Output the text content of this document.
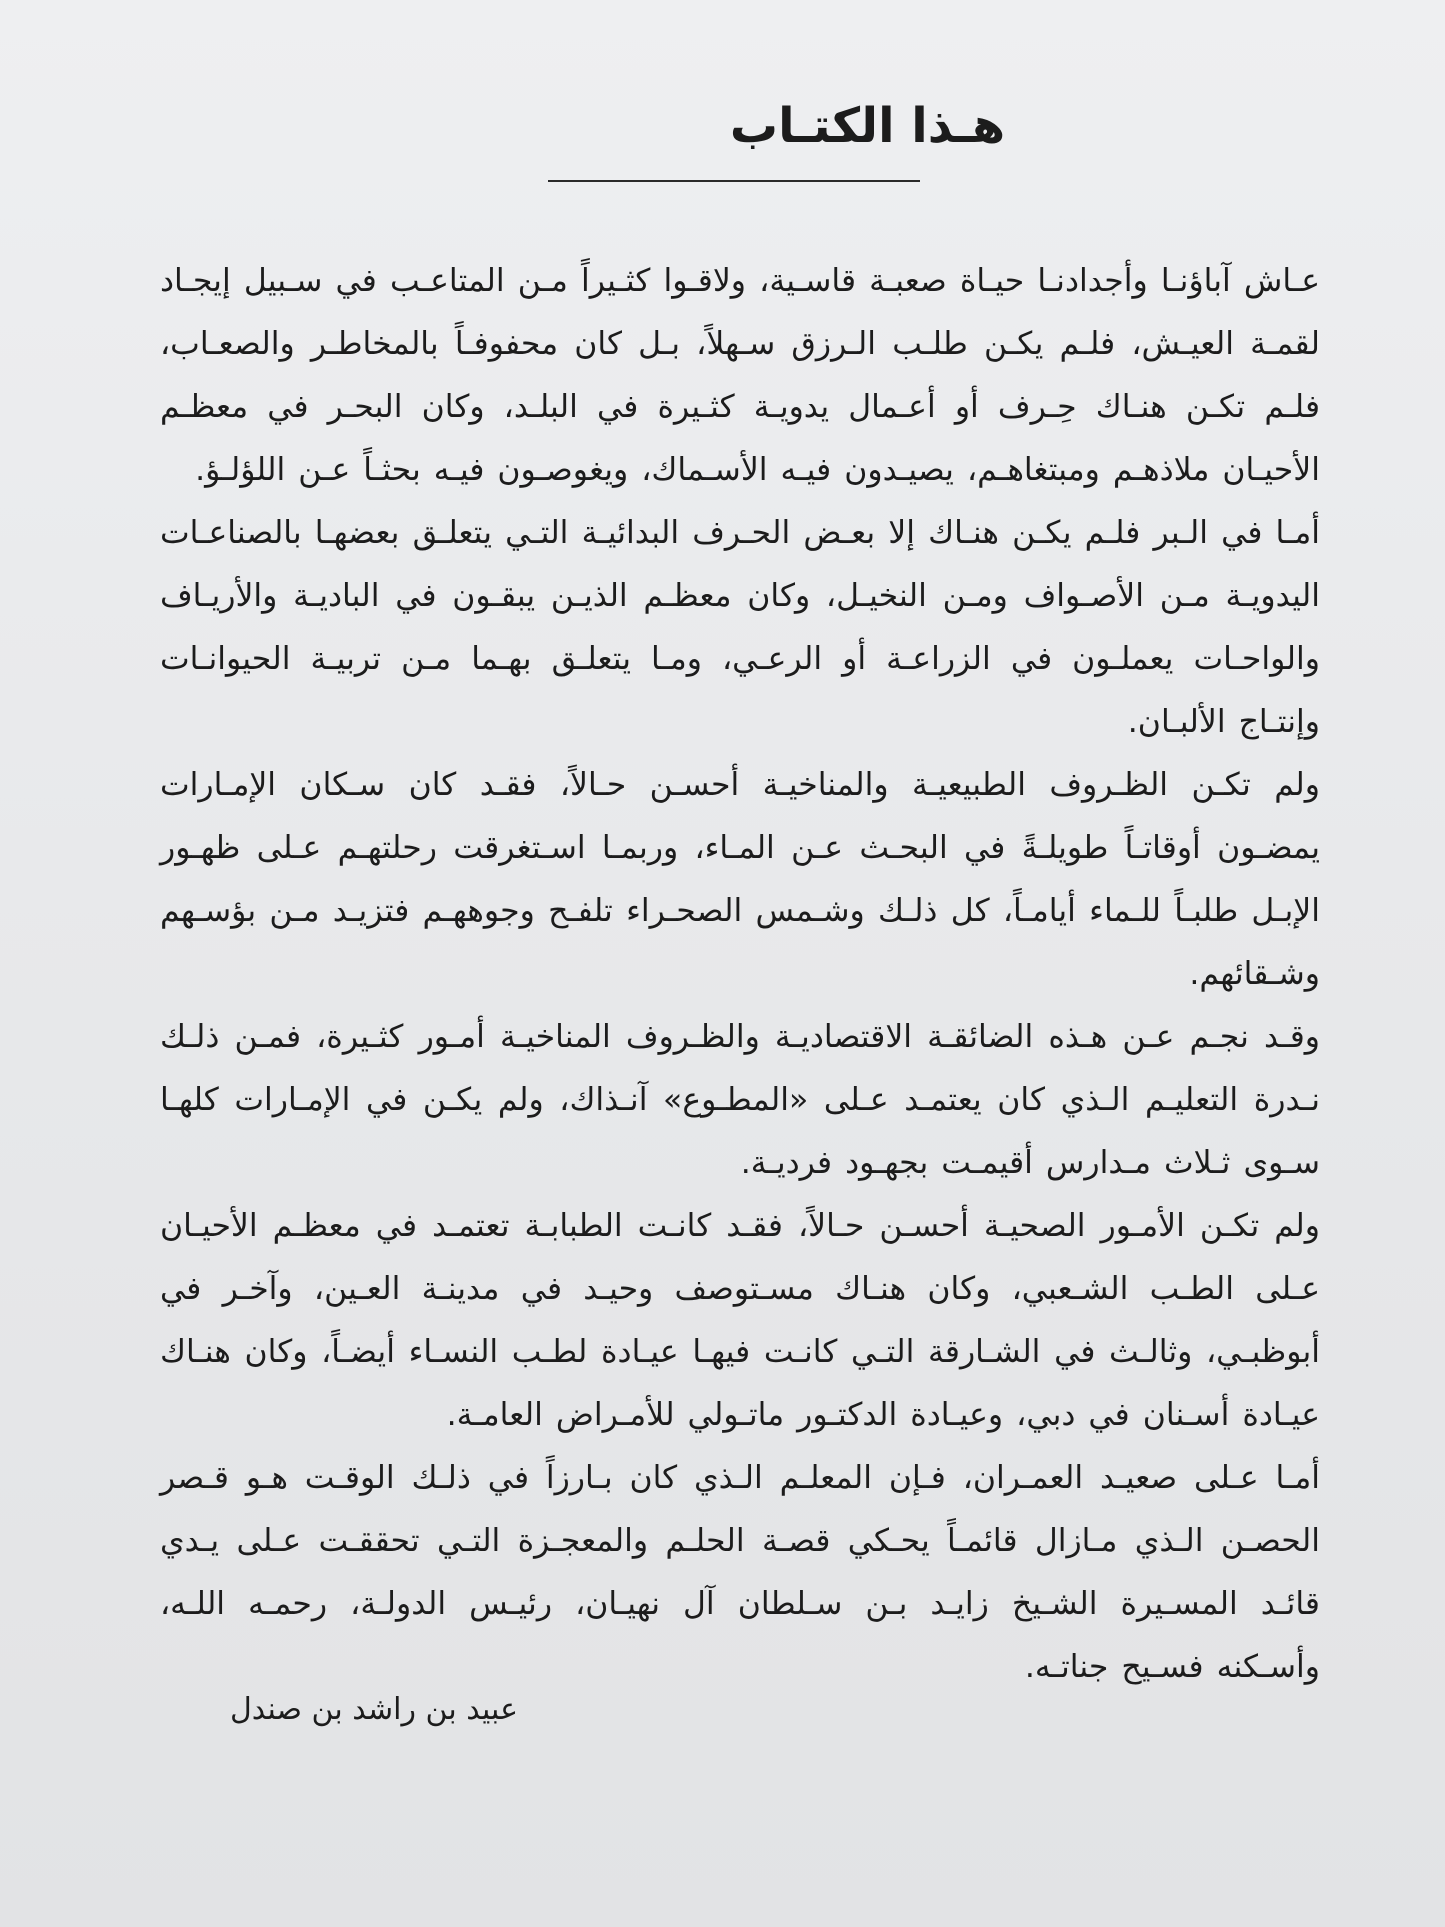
هـذا الكتـاب

عـاش آباؤنـا وأجدادنـا حيـاة صعبـة قاسـية، ولاقـوا كثـيراً مـن المتاعـب في سـبيل إيجـاد لقمـة العيـش، فلـم يكـن طلـب الـرزق سـهلاً، بـل كان محفوفـاً بالمخاطـر والصعـاب، فلـم تكـن هنـاك حِـرف أو أعـمال يدويـة كثـيرة في البلـد، وكان البحـر في معظـم الأحيـان ملاذهـم ومبتغاهـم، يصيـدون فيـه الأسـماك، ويغوصـون فيـه بحثـاً عـن اللؤلـؤ.

أمـا في الـبر فلـم يكـن هنـاك إلا بعـض الحـرف البدائيـة التـي يتعلـق بعضهـا بالصناعـات اليدويـة مـن الأصـواف ومـن النخيـل، وكان معظـم الذيـن يبقـون في الباديـة والأريـاف والواحـات يعملـون في الزراعـة أو الرعـي، ومـا يتعلـق بهـما مـن تربيـة الحيوانـات وإنتـاج الألبـان.

ولم تكـن الظـروف الطبيعيـة والمناخيـة أحسـن حـالاً، فقـد كان سـكان الإمـارات يمضـون أوقاتـاً طويلـةً في البحـث عـن المـاء، وربمـا اسـتغرقت رحلتهـم عـلى ظهـور الإبـل طلبـاً للـماء أيامـاً، كل ذلـك وشـمس الصحـراء تلفـح وجوههـم فتزيـد مـن بؤسـهم وشـقائهم.

وقـد نجـم عـن هـذه الضائقـة الاقتصاديـة والظـروف المناخيـة أمـور كثـيرة، فمـن ذلـك نـدرة التعليـم الـذي كان يعتمـد عـلى «المطـوع» آنـذاك، ولم يكـن في الإمـارات كلهـا سـوى ثـلاث مـدارس أقيمـت بجهـود فرديـة.

ولم تكـن الأمـور الصحيـة أحسـن حـالاً، فقـد كانـت الطبابـة تعتمـد في معظـم الأحيـان عـلى الطـب الشـعبي، وكان هنـاك مسـتوصف وحيـد في مدينـة العـين، وآخـر في أبوظبـي، وثالـث في الشـارقة التـي كانـت فيهـا عيـادة لطـب النسـاء أيضـاً، وكان هنـاك عيـادة أسـنان في دبي، وعيـادة الدكتـور ماتـولي للأمـراض العامـة.

أمـا عـلى صعيـد العمـران، فـإن المعلـم الـذي كان بـارزاً في ذلـك الوقـت هـو قـصر الحصـن الـذي مـازال قائمـاً يحـكي قصـة الحلـم والمعجـزة التـي تحققـت عـلى يـدي قائـد المسـيرة الشـيخ زايـد بـن سـلطان آل نهيـان، رئيـس الدولـة، رحمـه اللـه، وأسـكنه فسـيح جناتـه.

عبيد بن راشد بن صندل
